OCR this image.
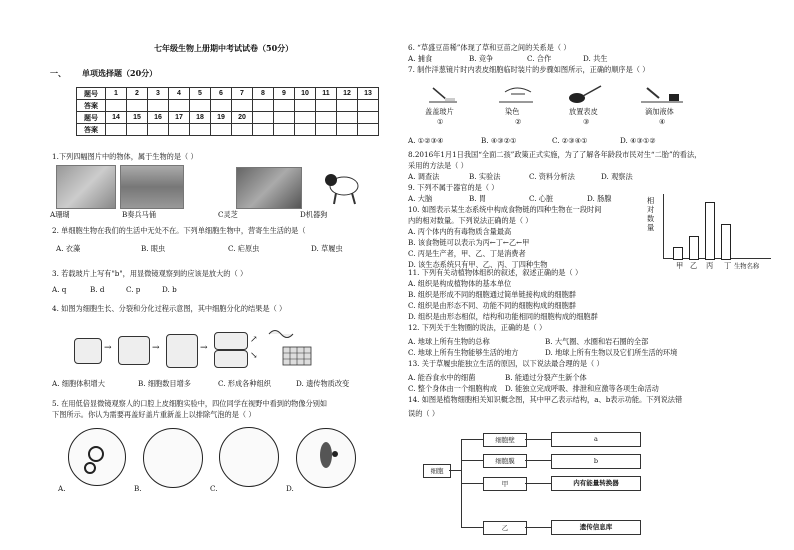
七年级生物上册期中考试试卷（50分）
一、 单项选择题（20分）
题号	1	2	3	4	5	6	7	8	9	10	11	12	13
答案													
题号	14	15	16	17	18	19	20						
答案													
1.下列四幅图片中的物体，属于生物的是（ ）
A珊瑚	B奏兵马俑	C灵芝	D机器狗
2. 单细胞生物在我们的生活中无处不在。下列单细胞生物中，营寄生生活的是（
A. 衣藻	B. 眼虫	C. 疟原虫	D. 草履虫
3. 若载玻片上写有"b"，用显微镜观察到的应该是放大的（ ）
A. q	B. d	C. p	D. b
4. 如图为细胞生长、分裂和分化过程示意图，其中细胞分化的结果是（ ）
→	→	→
↗
↘
A. 细胞体积增大	B. 细胞数目增多	C. 形成各种组织	D. 遗传物质改变
5. 在用低倍显微镜观察人的口腔上皮细胞实验中，四位同学在视野中看到的物像分别如
下图所示。你认为需要再盖好盖片重新盖上以排除气泡的是（ ）
A.	B.	C.	D.
6. “草盛豆苗稀”体现了草和豆苗之间的关系是（ ）
A. 捕食	B. 竞争	C. 合作	D. 共生
7. 制作洋葱镜片时内表皮细胞临时装片的步骤如图所示，正确的顺序是（ ）
盖盖玻片	染色	放置表皮	滴加液体
①	②	③	④
A. ①②③④	B. ④③②①	C. ②③④①	D. ④③①②
8.2016年1月1日我国“全面二孩”政策正式实施，为了了解各年龄段市民对生“二胎”的看法，
采用的方法是（ ）
A. 调查法	B. 实验法	C. 资料分析法	D. 观察法
9. 下列不属于器官的是（ ）
A. 大脑	B. 胃	C. 心脏	D. 肠腺
10. 如图表示某生态系统中构成食物链的四种生物在一段时间
内的相对数量。下列说法正确的是（ ）
A. 丙个体内的有毒物质含量最高
B. 该食物链可以表示为丙←丁←乙←甲
C. 丙是生产者，甲、乙、丁是消费者
D. 该生态系统只有甲、乙、丙、丁四种生物
相
对
数
量
甲 乙 丙 丁 生物名称
11. 下列有关动植物体组织的叙述，叙述正确的是（ ）
A. 组织是构成植物体的基本单位
B. 组织是形成不同的细胞通过简单链接构成的细胞群
C. 组织是由形态不同、功能不同的细胞构成的细胞群
D. 组织是由形态相似，结构和功能相同的细胞构成的细胞群
12. 下列关于生物圈的说法，正确的是（ ）
A. 地球上所有生物的总称	B. 大气圈、水圈和岩石圈的全部
C. 地球上所有生物能够生活的地方	D. 地球上所有生物以及它们所生活的环境
13. 关于草履虫能独立生活的原因，以下说法最合理的是（ ）
A. 能吞食水中的细菌	B. 能通过分裂产生新个体
C. 整个身体由一个细胞构成 D. 能独立完成呼吸、排泄和应激等各项生命活动
14. 如图是植物细胞相关知识概念图，其中甲乙表示结构，a、b表示功能。下列说法错
误的（ ）
细胞
细胞壁
细胞膜
甲
乙
a
b
内有能量转换器
遗传信息库
